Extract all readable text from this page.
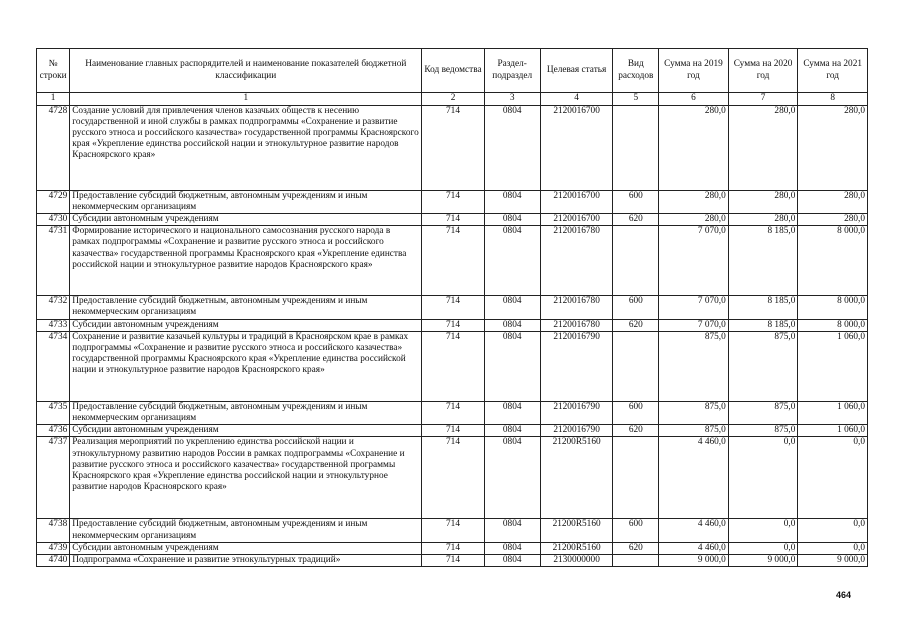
№ строки	Наименование главных распорядителей и наименование показателей бюджетной классификации	Код ведомства	Раздел-подраздел	Целевая статья	Вид расходов	Сумма на 2019 год	Сумма на 2020 год	Сумма на 2021 год
1	1	2	3	4	5	6	7	8
4728	Создание условий для привлечения членов казачьих обществ к несению государственной и иной службы в рамках подпрограммы «Сохранение и развитие русского этноса и российского казачества» государственной программы Красноярского края «Укрепление единства российской нации и этнокультурное развитие народов Красноярского края»	714	0804	2120016700		280,0	280,0	280,0
4729	Предоставление субсидий бюджетным, автономным учреждениям и иным некоммерческим организациям	714	0804	2120016700	600	280,0	280,0	280,0
4730	Субсидии автономным учреждениям	714	0804	2120016700	620	280,0	280,0	280,0
4731	Формирование исторического и национального самосознания русского народа в рамках подпрограммы «Сохранение и развитие русского этноса и российского казачества» государственной программы Красноярского края «Укрепление единства российской нации и этнокультурное развитие народов Красноярского края»	714	0804	2120016780		7 070,0	8 185,0	8 000,0
4732	Предоставление субсидий бюджетным, автономным учреждениям и иным некоммерческим организациям	714	0804	2120016780	600	7 070,0	8 185,0	8 000,0
4733	Субсидии автономным учреждениям	714	0804	2120016780	620	7 070,0	8 185,0	8 000,0
4734	Сохранение и развитие казачьей культуры и традиций в Красноярском крае в рамках подпрограммы «Сохранение и развитие русского этноса и российского казачества» государственной программы Красноярского края «Укрепление единства российской нации и этнокультурное развитие народов Красноярского края»	714	0804	2120016790		875,0	875,0	1 060,0
4735	Предоставление субсидий бюджетным, автономным учреждениям и иным некоммерческим организациям	714	0804	2120016790	600	875,0	875,0	1 060,0
4736	Субсидии автономным учреждениям	714	0804	2120016790	620	875,0	875,0	1 060,0
4737	Реализация мероприятий по укреплению единства российской нации и этнокультурному развитию народов России в рамках подпрограммы «Сохранение и развитие русского этноса и российского казачества» государственной программы Красноярского края «Укрепление единства российской нации и этнокультурное развитие народов Красноярского края»	714	0804	21200R5160		4 460,0	0,0	0,0
4738	Предоставление субсидий бюджетным, автономным учреждениям и иным некоммерческим организациям	714	0804	21200R5160	600	4 460,0	0,0	0,0
4739	Субсидии автономным учреждениям	714	0804	21200R5160	620	4 460,0	0,0	0,0
4740	Подпрограмма «Сохранение и развитие этнокультурных традиций»	714	0804	2130000000		9 000,0	9 000,0	9 000,0
464
